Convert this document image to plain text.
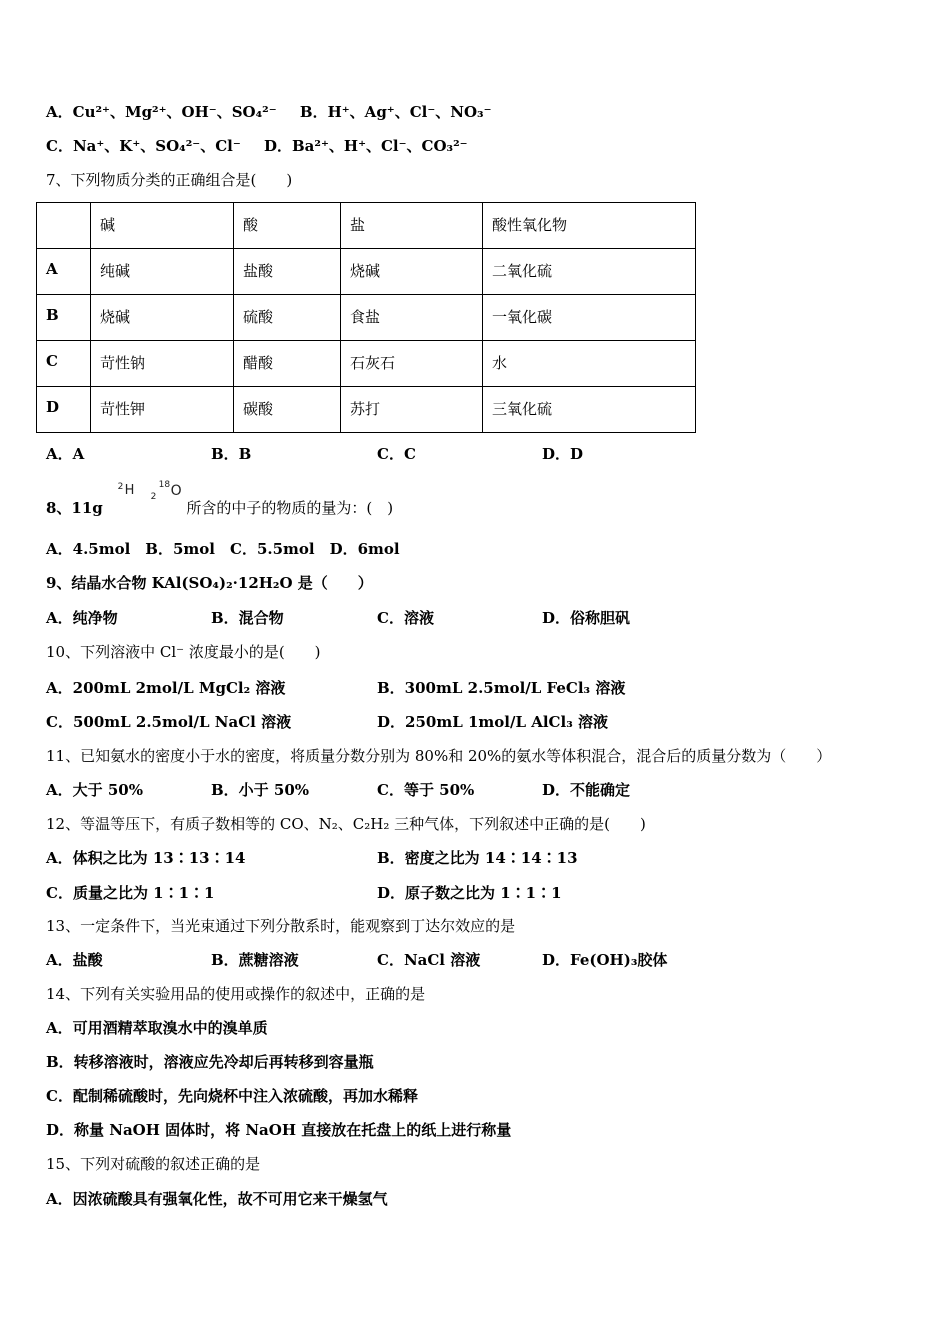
A．Cu²⁺、Mg²⁺、OH⁻、SO₄²⁻ B．H⁺、Ag⁺、Cl⁻、NO₃⁻
C．Na⁺、K⁺、SO₄²⁻、Cl⁻ D．Ba²⁺、H⁺、Cl⁻、CO₃²⁻
7、下列物质分类的正确组合是(　　)
	碱	酸	盐	酸性氧化物
A	纯碱	盐酸	烧碱	二氧化硫
B	烧碱	硫酸	食盐	一氧化碳
C	苛性钠	醋酸	石灰石	水
D	苛性钾	碳酸	苏打	三氧化硫
A．A	B．B	C．C	D．D
8、11g
2 H 2
18 O
所含的中子的物质的量为：(　)
A．4.5mol　B．5mol　C．5.5mol　D．6mol
9、结晶水合物 KAl(SO₄)₂·12H₂O 是（　　）
A．纯净物	B．混合物	C．溶液	D．俗称胆矾
10、下列溶液中 Cl⁻ 浓度最小的是(　　)
A．200mL 2mol/L MgCl₂ 溶液	B．300mL 2.5mol/L FeCl₃ 溶液
C．500mL 2.5mol/L NaCl 溶液	D．250mL 1mol/L AlCl₃ 溶液
11、已知氨水的密度小于水的密度，将质量分数分别为 80%和 20%的氨水等体积混合，混合后的质量分数为（　　）
A．大于 50%	B．小于 50%	C．等于 50%	D．不能确定
12、等温等压下，有质子数相等的 CO、N₂、C₂H₂ 三种气体，下列叙述中正确的是(　　)
A．体积之比为 13∶13∶14	B．密度之比为 14∶14∶13
C．质量之比为 1∶1∶1	D．原子数之比为 1∶1∶1
13、一定条件下，当光束通过下列分散系时，能观察到丁达尔效应的是
A．盐酸	B．蔗糖溶液	C．NaCl 溶液	D．Fe(OH)₃胶体
14、下列有关实验用品的使用或操作的叙述中，正确的是
A．可用酒精萃取溴水中的溴单质
B．转移溶液时，溶液应先冷却后再转移到容量瓶
C．配制稀硫酸时，先向烧杯中注入浓硫酸，再加水稀释
D．称量 NaOH 固体时，将 NaOH 直接放在托盘上的纸上进行称量
15、下列对硫酸的叙述正确的是
A．因浓硫酸具有强氧化性，故不可用它来干燥氢气
